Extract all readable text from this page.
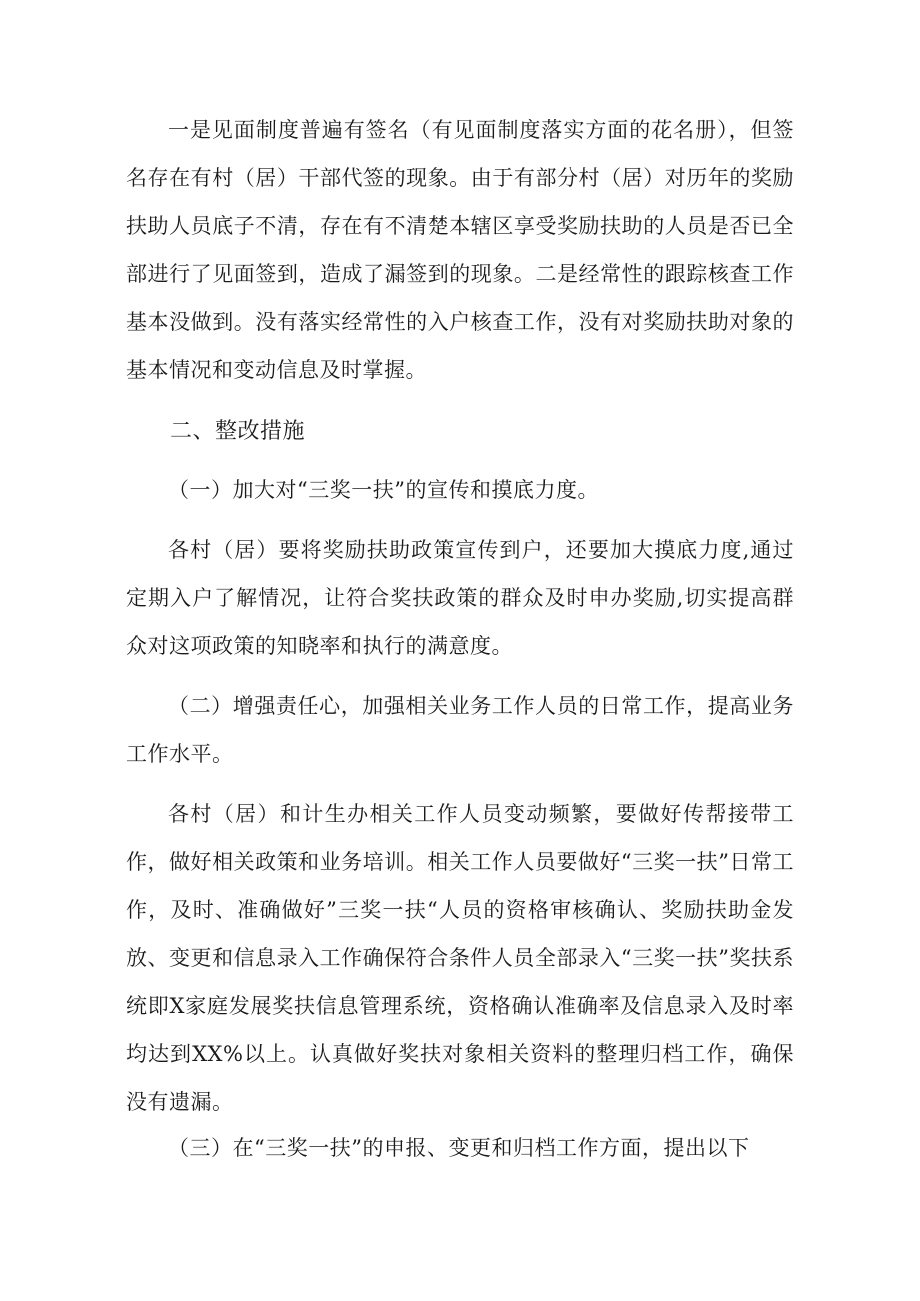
一是见面制度普遍有签名（有见面制度落实方面的花名册），但签名存在有村（居）干部代签的现象。由于有部分村（居）对历年的奖励扶助人员底子不清，存在有不清楚本辖区享受奖励扶助的人员是否已全部进行了见面签到，造成了漏签到的现象。二是经常性的跟踪核查工作基本没做到。没有落实经常性的入户核查工作，没有对奖励扶助对象的基本情况和变动信息及时掌握。

二、整改措施

（一）加大对“三奖一扶”的宣传和摸底力度。

各村（居）要将奖励扶助政策宣传到户，还要加大摸底力度,通过定期入户了解情况，让符合奖扶政策的群众及时申办奖励,切实提高群众对这项政策的知晓率和执行的满意度。

（二）增强责任心，加强相关业务工作人员的日常工作，提高业务工作水平。

各村（居）和计生办相关工作人员变动频繁，要做好传帮接带工作，做好相关政策和业务培训。相关工作人员要做好“三奖一扶”日常工作，及时、准确做好”三奖一扶“人员的资格审核确认、奖励扶助金发放、变更和信息录入工作确保符合条件人员全部录入“三奖一扶”奖扶系统即X家庭发展奖扶信息管理系统，资格确认准确率及信息录入及时率均达到XX%以上。认真做好奖扶对象相关资料的整理归档工作，确保没有遗漏。

（三）在“三奖一扶”的申报、变更和归档工作方面，提出以下
